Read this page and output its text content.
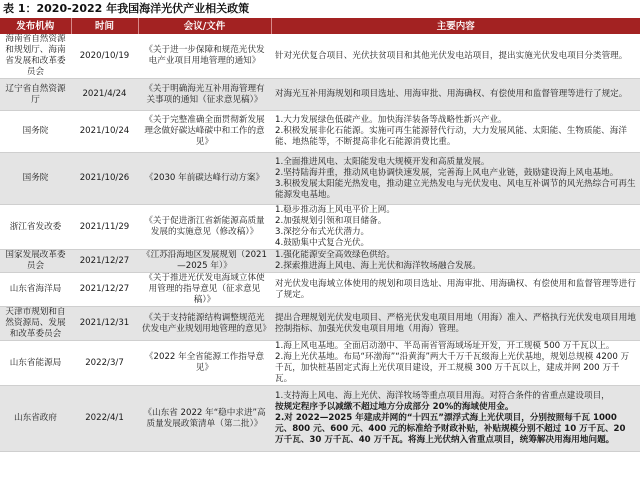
表 1：2020-2022 年我国海洋光伏产业相关政策
发布机构	时间	会议/文件	主要内容
海南省自然资源和规划厅、海南省发展和改革委员会	2020/10/19	《关于进一步保障和规范光伏发电产业项目用地管理的通知》	针对光伏复合项目、光伏扶贫项目和其他光伏发电站项目，提出实施光伏发电项目分类管理。

辽宁省自然资源厅	2021/4/24	《关于明确海光互补用海管理有关事项的通知（征求意见稿）》	对海光互补用海规划和项目选址、用海审批、用海确权、有偿使用和监督管理等进行了规定。

国务院	2021/10/24	《关于完整准确全面贯彻新发展理念做好碳达峰碳中和工作的意见》	1.大力发展绿色低碳产业。加快海洋装备等战略性新兴产业。
2.积极发展非化石能源。实施可再生能源替代行动，大力发展风能、太阳能、生物质能、海洋能、地热能等，不断提高非化石能源消费比重。

国务院	2021/10/26	《2030 年前碳达峰行动方案》	1.全面推进风电、太阳能发电大规模开发和高质量发展。
2.坚持陆海并重，推动风电协调快速发展，完善海上风电产业链，鼓励建设海上风电基地。
3.积极发展太阳能光热发电，推动建立光热发电与光伏发电、风电互补调节的风光热综合可再生能源发电基地。

浙江省发改委	2021/11/29	《关于促进浙江省新能源高质量发展的实施意见（修改稿）》	1.稳步推动海上风电平价上网。
2.加强规划引领和项目储备。
3.深挖分布式光伏潜力。
4.鼓励集中式复合光伏。

国家发展改革委员会	2021/12/27	《江苏沿海地区发展规划（2021—2025 年）》	1.强化能源安全高效绿色供给。
2.探索推进海上风电、海上光伏和海洋牧场融合发展。

山东省海洋局	2021/12/27	《关于推进光伏发电海域立体使用管理的指导意见（征求意见稿）》	对光伏发电海域立体使用的规划和项目选址、用海审批、用海确权、有偿使用和监督管理等进行了规定。

天津市规划和自然资源局、发展和改革委员会	2021/12/31	《关于支持能源结构调整规范光伏发电产业规划用地管理的意见》	提出合理规划光伏发电项目、严格光伏发电项目用地（用海）准入、严格执行光伏发电项目用地控制指标、加强光伏发电项目用地（用海）管理。

山东省能源局	2022/3/7	《2022 年全省能源工作指导意见》	1.海上风电基地。全面启动渤中、半岛南省管海域场址开发，开工规模 500 万千瓦以上。
2.海上光伏基地。布局“环渤海”“沿黄海”两大千万千瓦级海上光伏基地，规划总规模 4200 万千瓦，加快桩基固定式海上光伏项目建设，开工规模 300 万千瓦以上，建成并网 200 万千瓦。

山东省政府	2022/4/1	《山东省 2022 年“稳中求进”高质量发展政策清单（第二批）》	1.支持海上风电、海上光伏、海洋牧场等重点项目用海。对符合条件的省重点建设项目，
按规定程序予以减缴不超过地方分成部分 20%的海域使用金。
2.对 2022—2025 年建成并网的“十四五”漂浮式海上光伏项目，分别按照每千瓦 1000 元、800 元、600 元、400 元的标准给予财政补贴，补贴规模分别不超过 10 万千瓦、20 万千瓦、30 万千瓦、40 万千瓦。将海上光伏纳入省重点项目，统筹解决用海用地问题。
